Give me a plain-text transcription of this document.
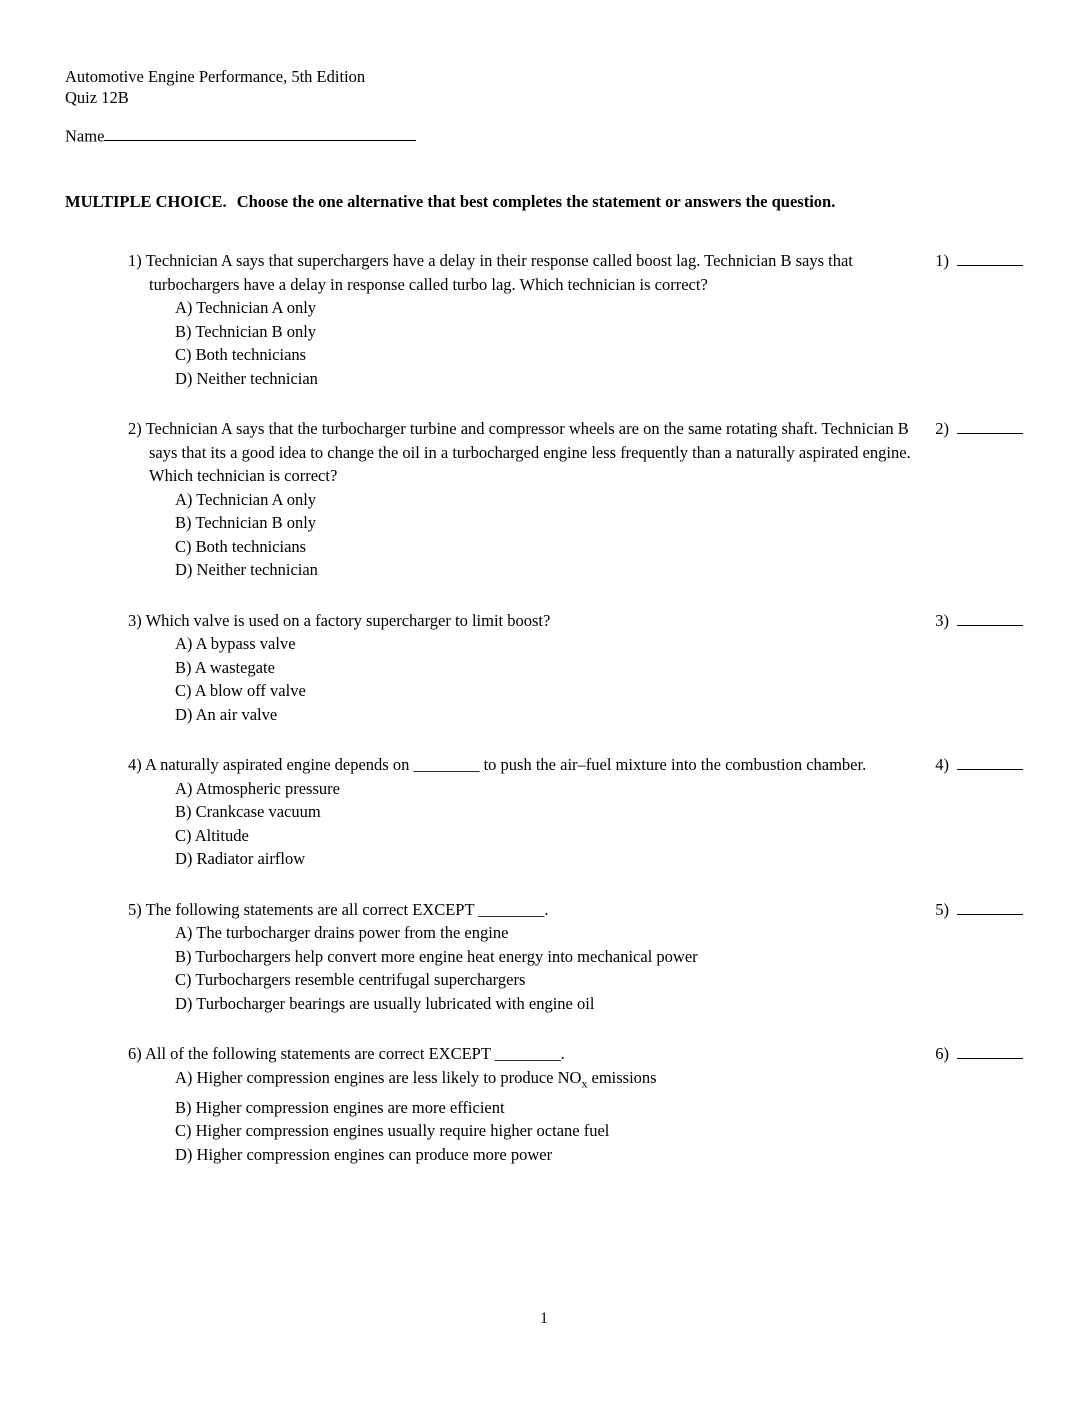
Automotive Engine Performance, 5th Edition
Quiz 12B
Name
MULTIPLE CHOICE. Choose the one alternative that best completes the statement or answers the question.

1) Technician A says that superchargers have a delay in their response called boost lag. Technician B says that turbochargers have a delay in response called turbo lag. Which technician is correct?

A) Technician A only
B) Technician B only
C) Both technicians
D) Neither technician
1)

2) Technician A says that the turbocharger turbine and compressor wheels are on the same rotating shaft. Technician B says that its a good idea to change the oil in a turbocharged engine less frequently than a naturally aspirated engine. Which technician is correct?

A) Technician A only
B) Technician B only
C) Both technicians
D) Neither technician
2)

3) Which valve is used on a factory supercharger to limit boost?

A) A bypass valve
B) A wastegate
C) A blow off valve
D) An air valve
3)

4) A naturally aspirated engine depends on ________ to push the air–fuel mixture into the combustion chamber.

A) Atmospheric pressure
B) Crankcase vacuum
C) Altitude
D) Radiator airflow
4)

5) The following statements are all correct EXCEPT ________.

A) The turbocharger drains power from the engine
B) Turbochargers help convert more engine heat energy into mechanical power
C) Turbochargers resemble centrifugal superchargers
D) Turbocharger bearings are usually lubricated with engine oil
5)

6) All of the following statements are correct EXCEPT ________.

A) Higher compression engines are less likely to produce $NO_x$ emissions
B) Higher compression engines are more efficient
C) Higher compression engines usually require higher octane fuel
D) Higher compression engines can produce more power
6)
1
